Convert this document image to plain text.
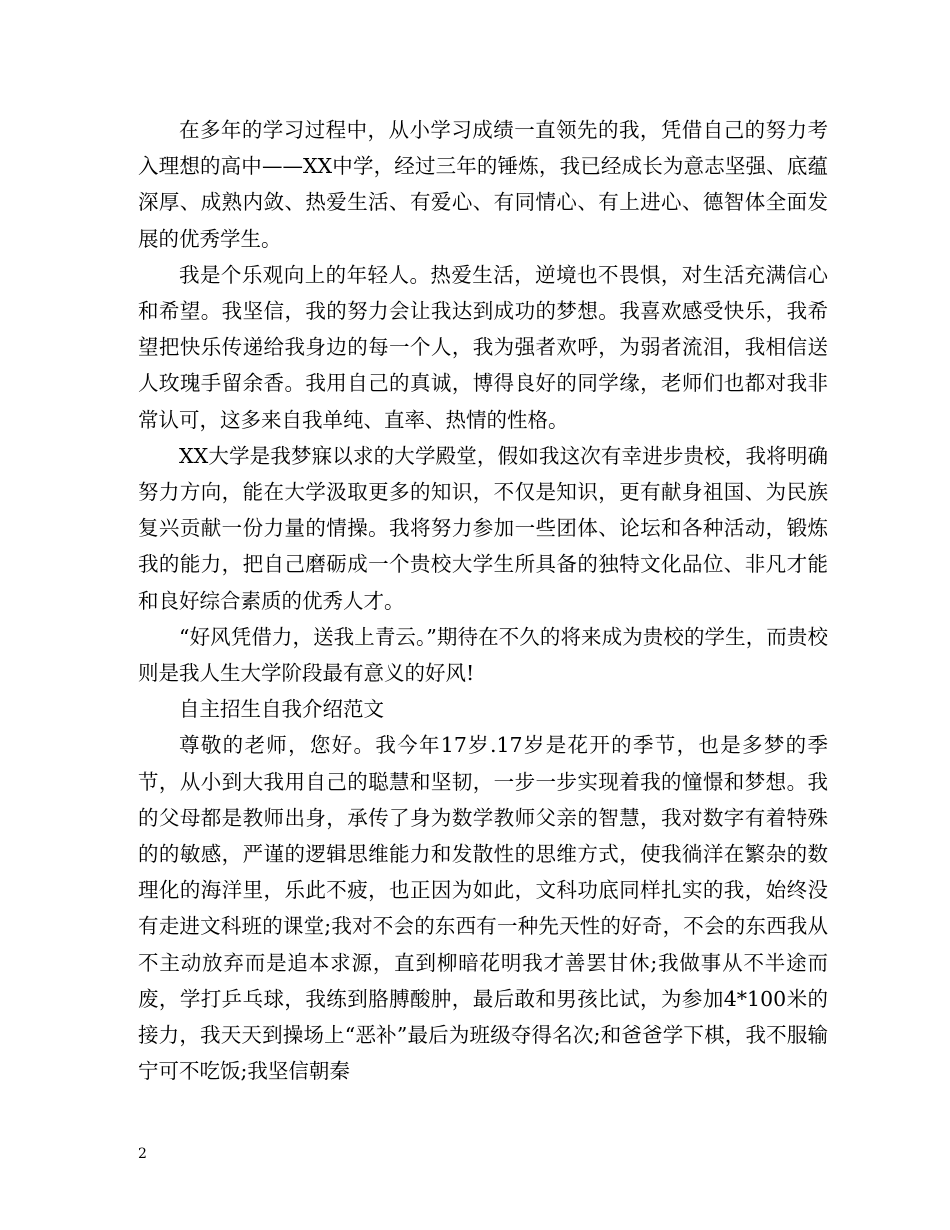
在多年的学习过程中，从小学习成绩一直领先的我，凭借自己的努力考入理想的高中——XX中学，经过三年的锤炼，我已经成长为意志坚强、底蕴深厚、成熟内敛、热爱生活、有爱心、有同情心、有上进心、德智体全面发展的优秀学生。

我是个乐观向上的年轻人。热爱生活，逆境也不畏惧，对生活充满信心和希望。我坚信，我的努力会让我达到成功的梦想。我喜欢感受快乐，我希望把快乐传递给我身边的每一个人，我为强者欢呼，为弱者流泪，我相信送人玫瑰手留余香。我用自己的真诚，博得良好的同学缘，老师们也都对我非常认可，这多来自我单纯、直率、热情的性格。

XX大学是我梦寐以求的大学殿堂，假如我这次有幸进步贵校，我将明确努力方向，能在大学汲取更多的知识，不仅是知识，更有献身祖国、为民族复兴贡献一份力量的情操。我将努力参加一些团体、论坛和各种活动，锻炼我的能力，把自己磨砺成一个贵校大学生所具备的独特文化品位、非凡才能和良好综合素质的优秀人才。

“好风凭借力，送我上青云。”期待在不久的将来成为贵校的学生，而贵校则是我人生大学阶段最有意义的好风!

自主招生自我介绍范文

尊敬的老师，您好。我今年17岁.17岁是花开的季节，也是多梦的季节，从小到大我用自己的聪慧和坚韧，一步一步实现着我的憧憬和梦想。我的父母都是教师出身，承传了身为数学教师父亲的智慧，我对数字有着特殊的的敏感，严谨的逻辑思维能力和发散性的思维方式，使我徜洋在繁杂的数理化的海洋里，乐此不疲，也正因为如此，文科功底同样扎实的我，始终没有走进文科班的课堂;我对不会的东西有一种先天性的好奇，不会的东西我从不主动放弃而是追本求源，直到柳暗花明我才善罢甘休;我做事从不半途而废，学打乒乓球，我练到胳膊酸肿，最后敢和男孩比试，为参加4*100米的接力，我天天到操场上“恶补”最后为班级夺得名次;和爸爸学下棋，我不服输宁可不吃饭;我坚信朝秦

2
